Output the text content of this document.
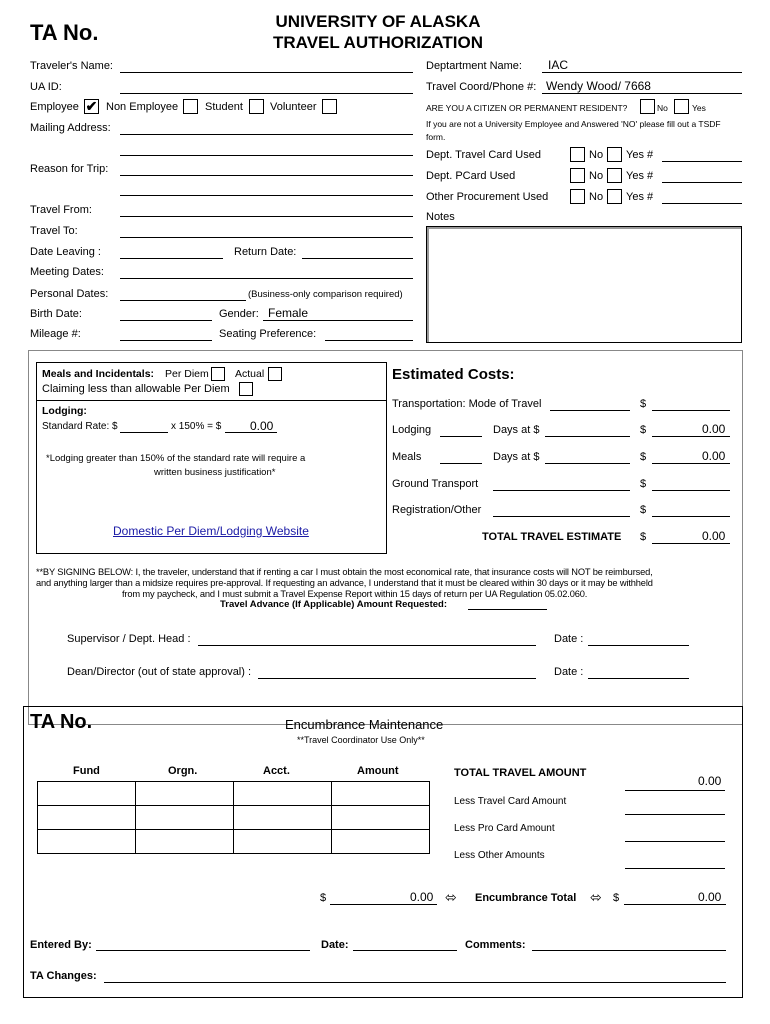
TA No.	UNIVERSITY OF ALASKA
TRAVEL AUTHORIZATION
Traveler's Name:
UA ID:
Employee ✔ Non Employee Student Volunteer
Mailing Address:
Reason for Trip:
Travel From:
Travel To:
Date Leaving :	Return Date:
Meeting Dates:
Personal Dates:	(Business-only comparison required)
Birth Date:	Gender: Female
Mileage #:	Seating Preference:
Deptartment Name: IAC
Travel Coord/Phone #: Wendy Wood/ 7668
ARE YOU A CITIZEN OR PERMANENT RESIDENT?	No	Yes
If you are not a University Employee and Answered 'NO' please fill out a TSDF
form.
Dept. Travel Card Used	No Yes #
Dept. PCard Used	No Yes #
Other Procurement Used	No Yes #
Notes
Meals and Incidentals: Per Diem Actual
Claiming less than allowable Per Diem
Lodging:
Standard Rate: $	x 150% = $ 0.00
*Lodging greater than 150% of the standard rate will require a
written business justification*
Domestic Per Diem/Lodging Website
Estimated Costs:
Transportation: Mode of Travel	$
Lodging	Days at $	$	0.00
Meals	Days at $	$	0.00
Ground Transport	$
Registration/Other	$
TOTAL TRAVEL ESTIMATE $	0.00
**BY SIGNING BELOW: I, the traveler, understand that if renting a car I must obtain the most economical rate, that insurance costs will NOT be reimbursed,
and anything larger than a midsize requires pre-approval. If requesting an advance, I understand that it must be cleared within 30 days or it may be withheld
from my paycheck, and I must submit a Travel Expense Report within 15 days of return per UA Regulation 05.02.060.
Travel Advance (If Applicable) Amount Requested:
Supervisor / Dept. Head :	Date :
Dean/Director (out of state approval) :	Date :
TA No.	Encumbrance Maintenance
**Travel Coordinator Use Only**
Fund	Orgn.	Acct.	Amount

				TOTAL TRAVEL AMOUNT
0.00
Less Travel Card Amount
Less Pro Card Amount
Less Other Amounts
$	0.00 ⬄ Encumbrance Total ⬄ $	0.00
Entered By:	Date:	Comments:
TA Changes:
